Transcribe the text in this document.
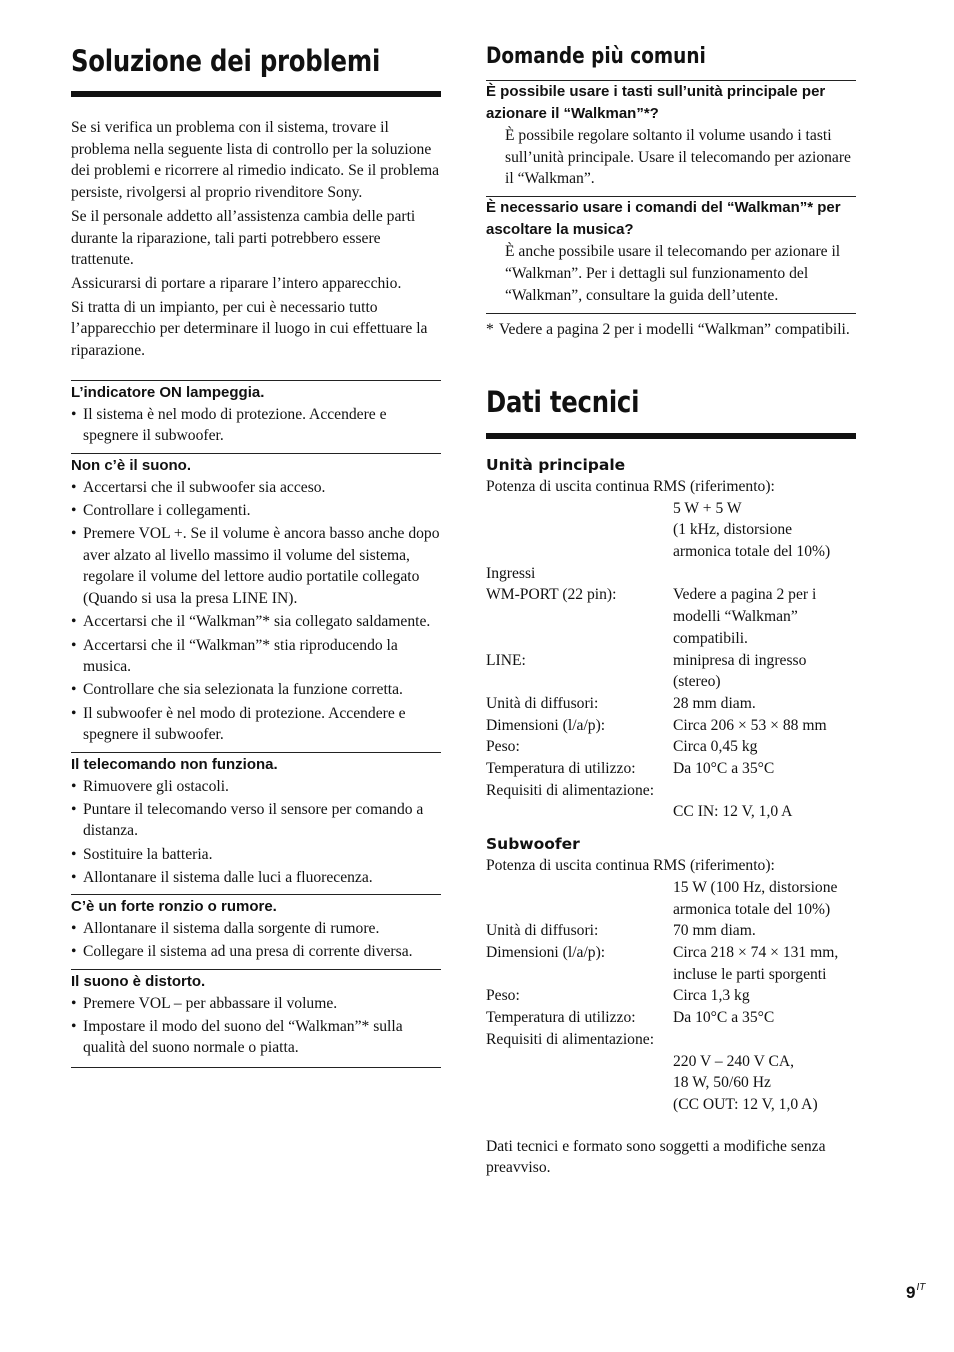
Soluzione dei problemi

Se si verifica un problema con il sistema, trovare il problema nella seguente lista di controllo per la soluzione dei problemi e ricorrere al rimedio indicato. Se il problema persiste, rivolgersi al proprio rivenditore Sony.

Se il personale addetto all’assistenza cambia delle parti durante la riparazione, tali parti potrebbero essere trattenute.

Assicurarsi di portare a riparare l’intero apparecchio.

Si tratta di un impianto, per cui è necessario tutto l’apparecchio per determinare il luogo in cui effettuare la riparazione.

L’indicatore ON lampeggia.
• Il sistema è nel modo di protezione. Accendere e spegnere il subwoofer.
Non c’è il suono.
• Accertarsi che il subwoofer sia acceso.
• Controllare i collegamenti.
• Premere VOL +. Se il volume è ancora basso anche dopo aver alzato al livello massimo il volume del sistema, regolare il volume del lettore audio portatile collegato (Quando si usa la presa LINE IN).
• Accertarsi che il “Walkman”* sia collegato saldamente.
• Accertarsi che il “Walkman”* stia riproducendo la musica.
• Controllare che sia selezionata la funzione corretta.
• Il subwoofer è nel modo di protezione. Accendere e spegnere il subwoofer.
Il telecomando non funziona.
• Rimuovere gli ostacoli.
• Puntare il telecomando verso il sensore per comando a distanza.
• Sostituire la batteria.
• Allontanare il sistema dalle luci a fluorecenza.
C’è un forte ronzio o rumore.
• Allontanare il sistema dalla sorgente di rumore.
• Collegare il sistema ad una presa di corrente diversa.
Il suono è distorto.
• Premere VOL – per abbassare il volume.
• Impostare il modo del suono del “Walkman”* sulla qualità del suono normale o piatta.
Domande più comuni
È possibile usare i tasti sull’unità principale per azionare il “Walkman”*?

È possibile regolare soltanto il volume usando i tasti sull’unità principale. Usare il telecomando per azionare il “Walkman”.

È necessario usare i comandi del “Walkman”* per ascoltare la musica?

È anche possibile usare il telecomando per azionare il “Walkman”. Per i dettagli sul funzionamento del “Walkman”, consultare la guida dell’utente.

* Vedere a pagina 2 per i modelli “Walkman” compatibili.
Dati tecnici
Unità principale
Potenza di uscita continua RMS (riferimento):
5 W + 5 W
(1 kHz, distorsione
armonica totale del 10%)
Ingressi
WM-PORT (22 pin):	Vedere a pagina 2 per i
modelli “Walkman”
compatibili.
LINE:	minipresa di ingresso
(stereo)
Unità di diffusori:	28 mm diam.
Dimensioni (l/a/p):	Circa 206 × 53 × 88 mm
Peso:	Circa 0,45 kg
Temperatura di utilizzo:	Da 10°C a 35°C
Requisiti di alimentazione:
CC IN: 12 V, 1,0 A
Subwoofer
Potenza di uscita continua RMS (riferimento):
15 W (100 Hz, distorsione
armonica totale del 10%)
Unità di diffusori:	70 mm diam.
Dimensioni (l/a/p):	Circa 218 × 74 × 131 mm,
incluse le parti sporgenti
Peso:	Circa 1,3 kg
Temperatura di utilizzo:	Da 10°C a 35°C
Requisiti di alimentazione:
220 V – 240 V CA,
18 W, 50/60 Hz
(CC OUT: 12 V, 1,0 A)

Dati tecnici e formato sono soggetti a modifiche senza preavviso.

$9^{IT}$
